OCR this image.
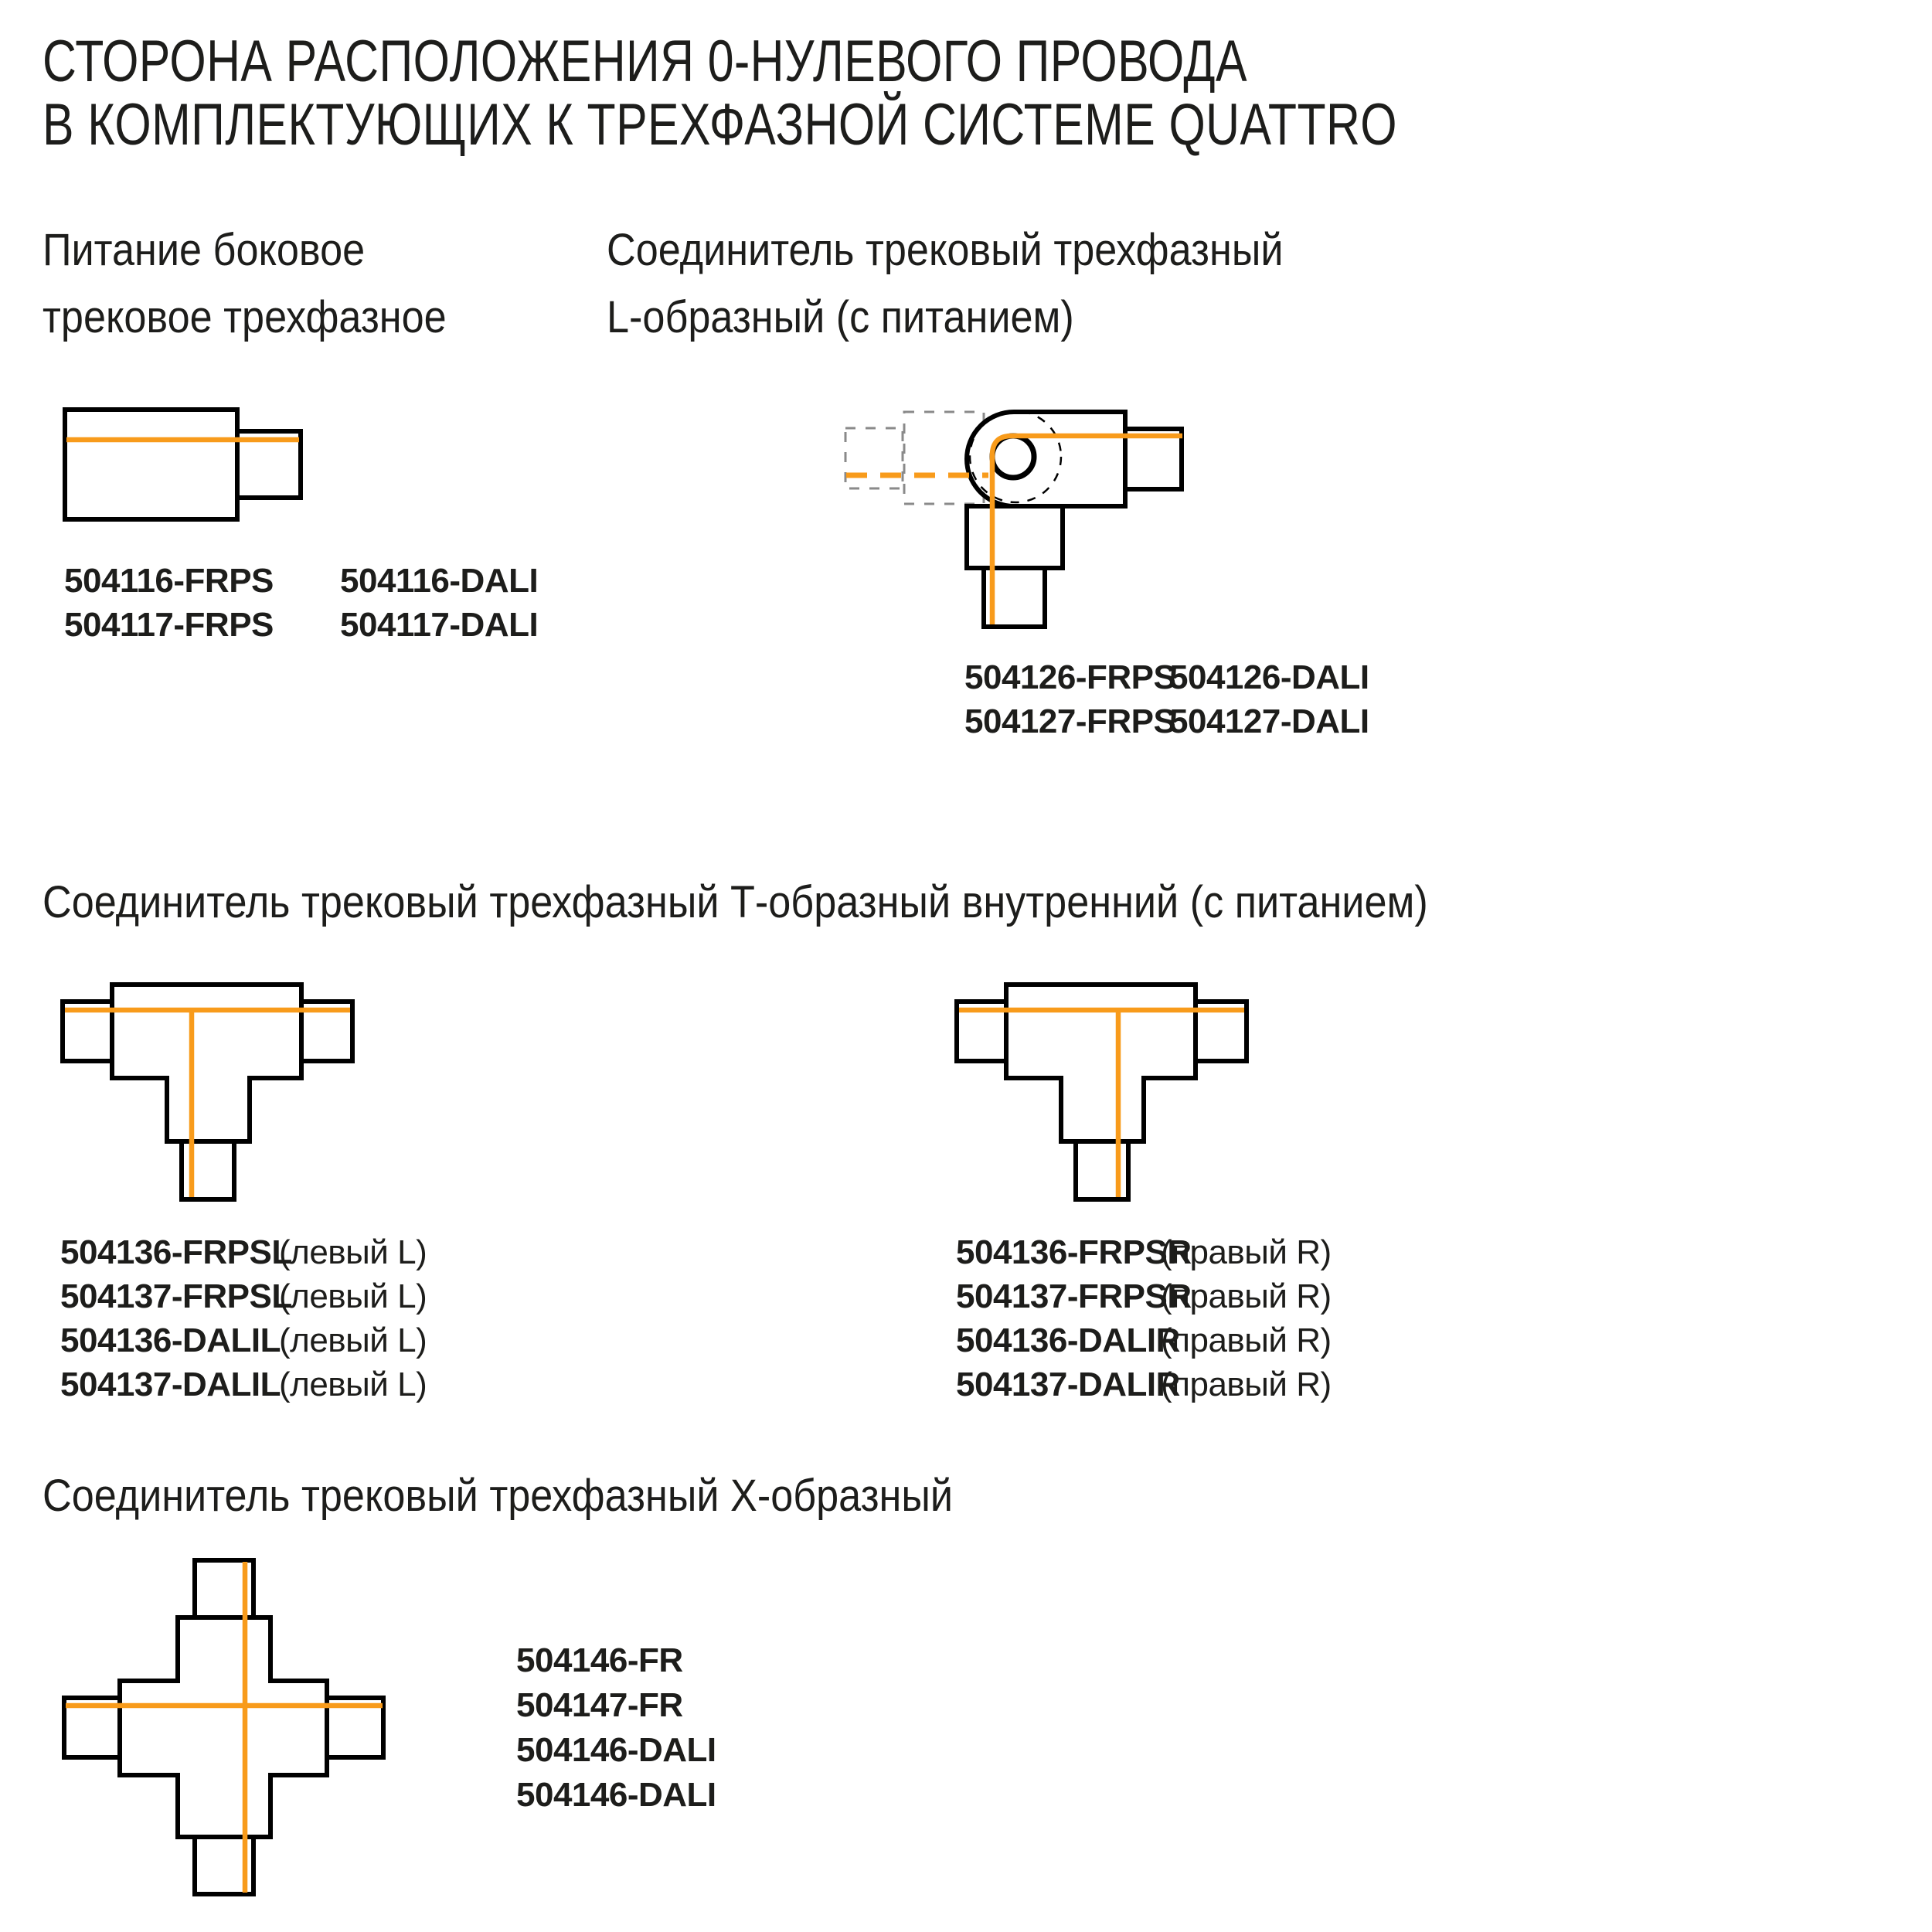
СТОРОНА РАСПОЛОЖЕНИЯ 0-НУЛЕВОГО ПРОВОДА
В КОМПЛЕКТУЮЩИХ К ТРЕХФАЗНОЙ СИСТЕМЕ QUATTRO
Питание боковое
трековое трехфазное
504116-FRPS
504117-FRPS
504116-DALI
504117-DALI
Соединитель трековый трехфазный
L-образный (с питанием)
504126-FRPS
504127-FRPS
504126-DALI
504127-DALI
Соединитель трековый трехфазный Т-образный внутренний (с питанием)
504136-FRPSL(левый L)
504137-FRPSL(левый L)
504136-DALIL(левый L)
504137-DALIL(левый L)
504136-FRPSR(правый R)
504137-FRPSR(правый R)
504136-DALIR(правый R)
504137-DALIR(правый R)
Соединитель трековый трехфазный Х-образный
504146-FR
504147-FR
504146-DALI
504146-DALI
